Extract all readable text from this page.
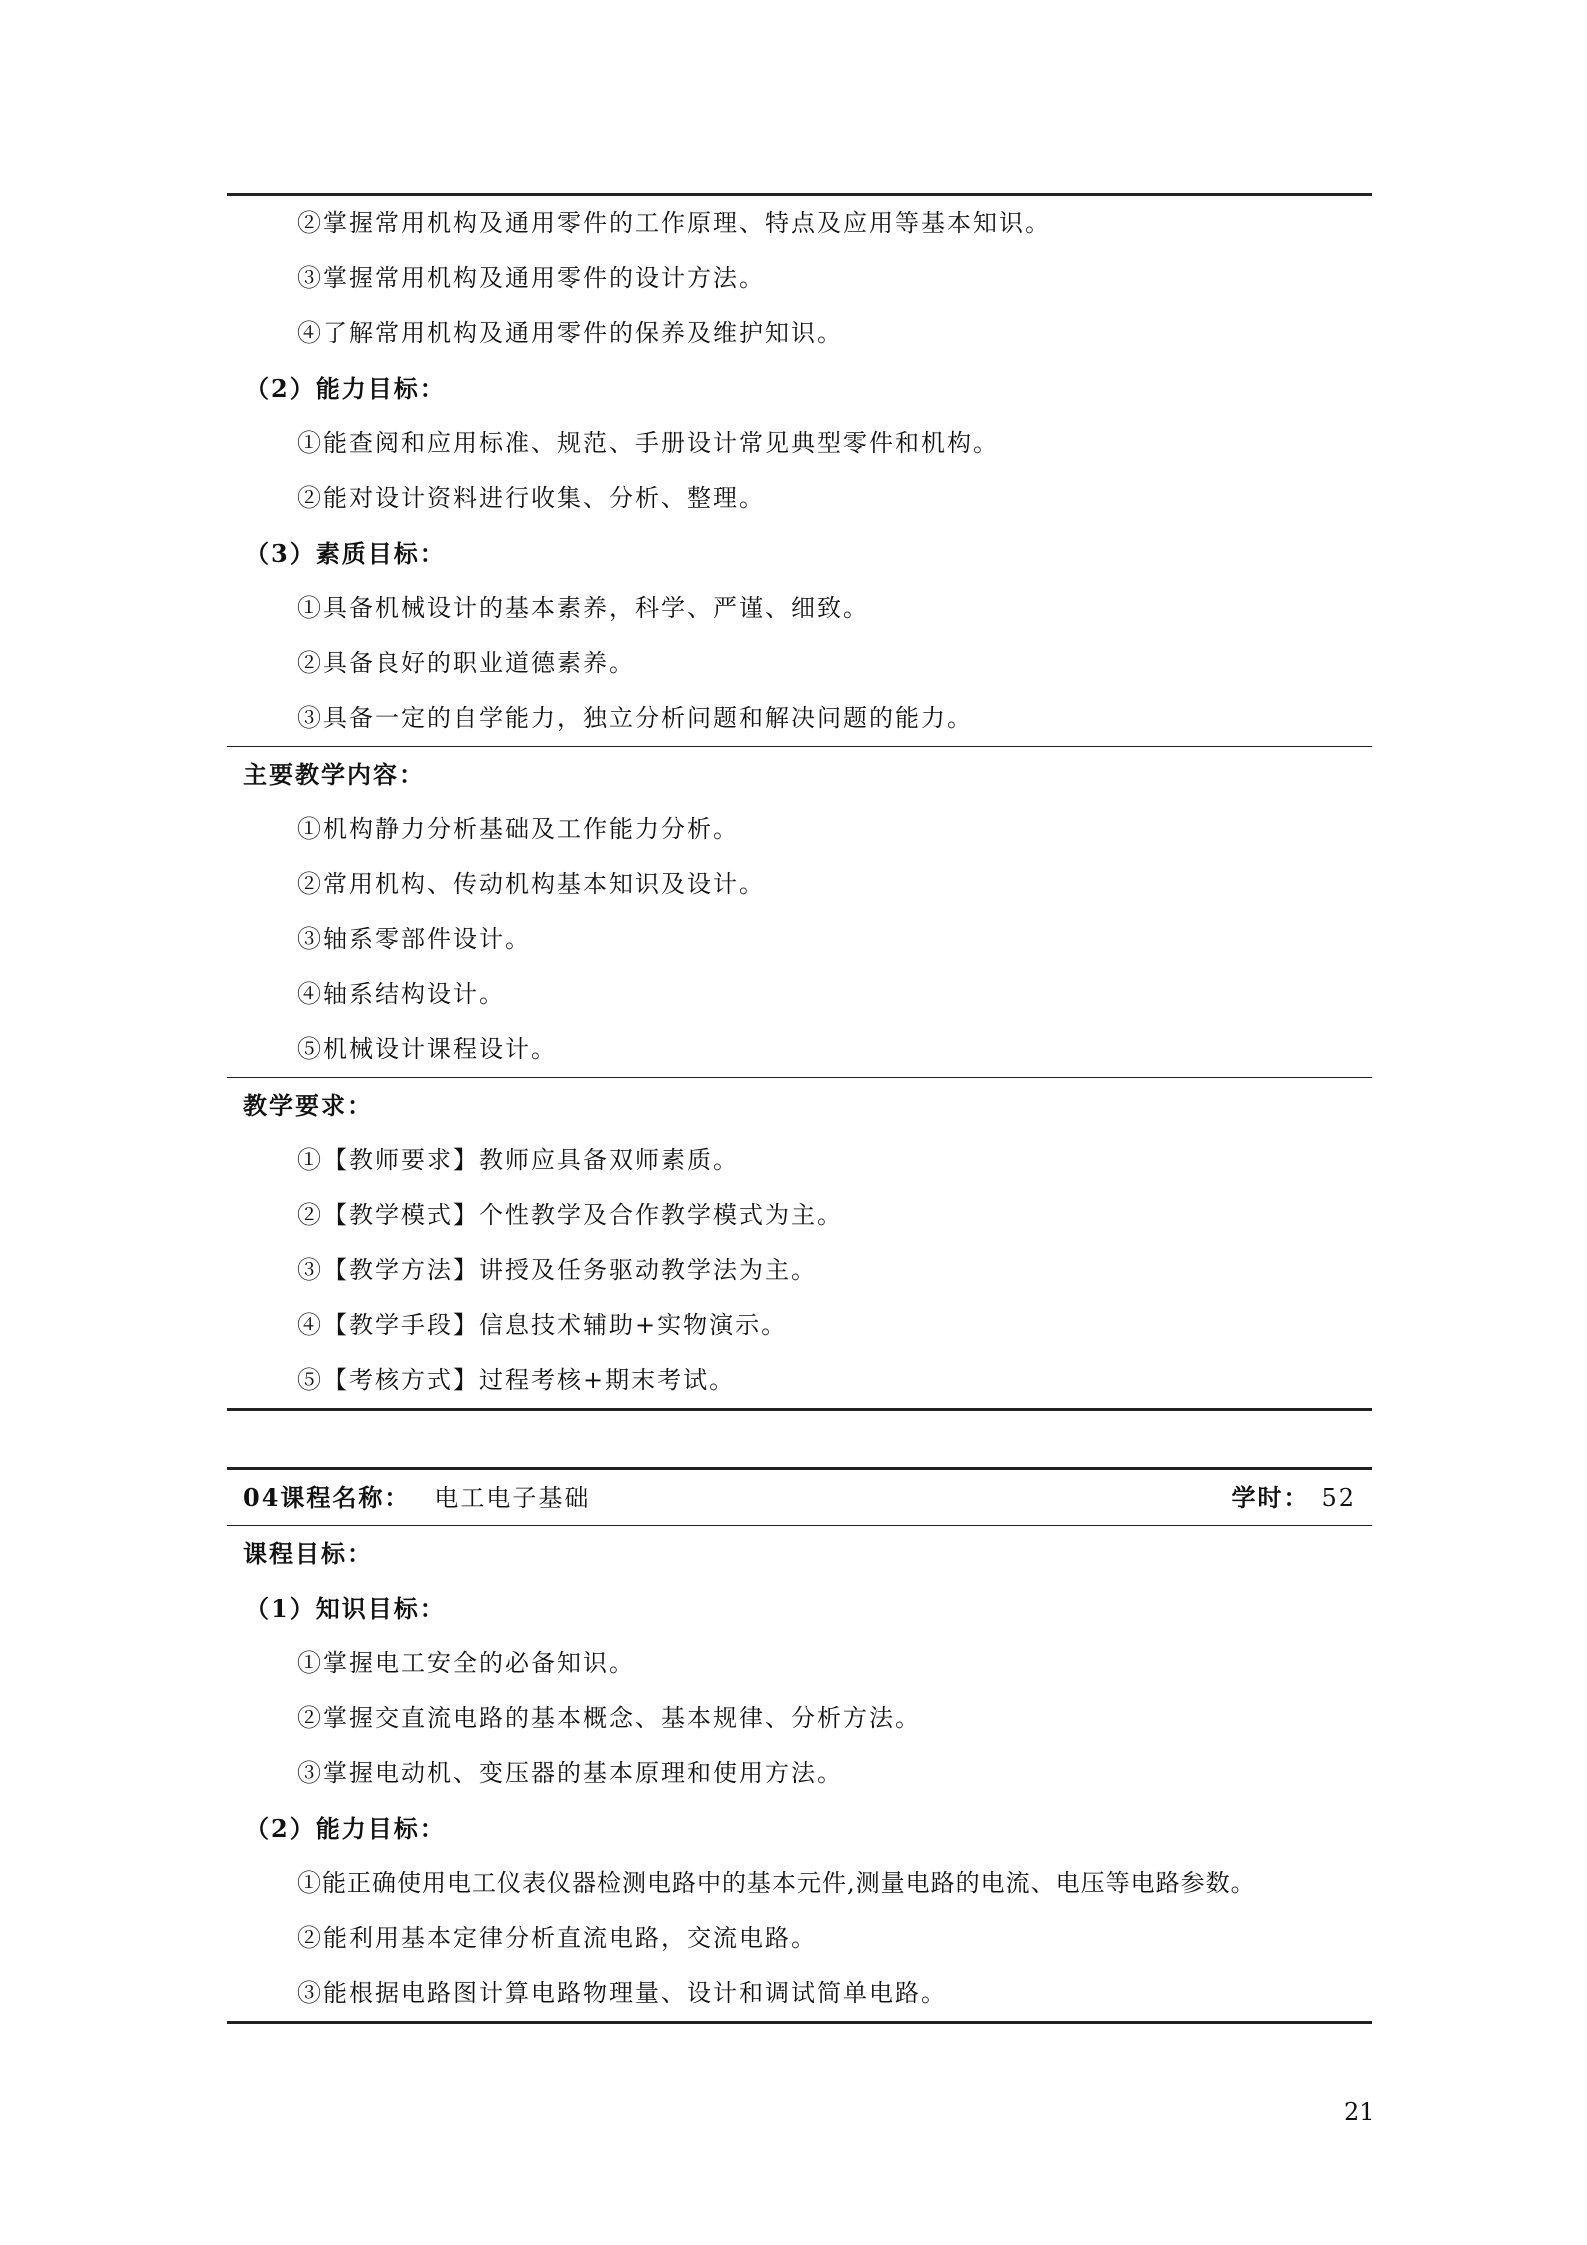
②掌握常用机构及通用零件的工作原理、特点及应用等基本知识。
③掌握常用机构及通用零件的设计方法。
④了解常用机构及通用零件的保养及维护知识。
（2）能力目标：
①能查阅和应用标准、规范、手册设计常见典型零件和机构。
②能对设计资料进行收集、分析、整理。
（3）素质目标：
①具备机械设计的基本素养，科学、严谨、细致。
②具备良好的职业道德素养。
③具备一定的自学能力，独立分析问题和解决问题的能力。
主要教学内容：
①机构静力分析基础及工作能力分析。
②常用机构、传动机构基本知识及设计。
③轴系零部件设计。
④轴系结构设计。
⑤机械设计课程设计。
教学要求：
①【教师要求】教师应具备双师素质。
②【教学模式】个性教学及合作教学模式为主。
③【教学方法】讲授及任务驱动教学法为主。
④【教学手段】信息技术辅助+实物演示。
⑤【考核方式】过程考核+期末考试。
04课程名称： 电工电子基础	学时： 52
课程目标：
（1）知识目标：
①掌握电工安全的必备知识。
②掌握交直流电路的基本概念、基本规律、分析方法。
③掌握电动机、变压器的基本原理和使用方法。
（2）能力目标：
①能正确使用电工仪表仪器检测电路中的基本元件,测量电路的电流、电压等电路参数。
②能利用基本定律分析直流电路，交流电路。
③能根据电路图计算电路物理量、设计和调试简单电路。
21
